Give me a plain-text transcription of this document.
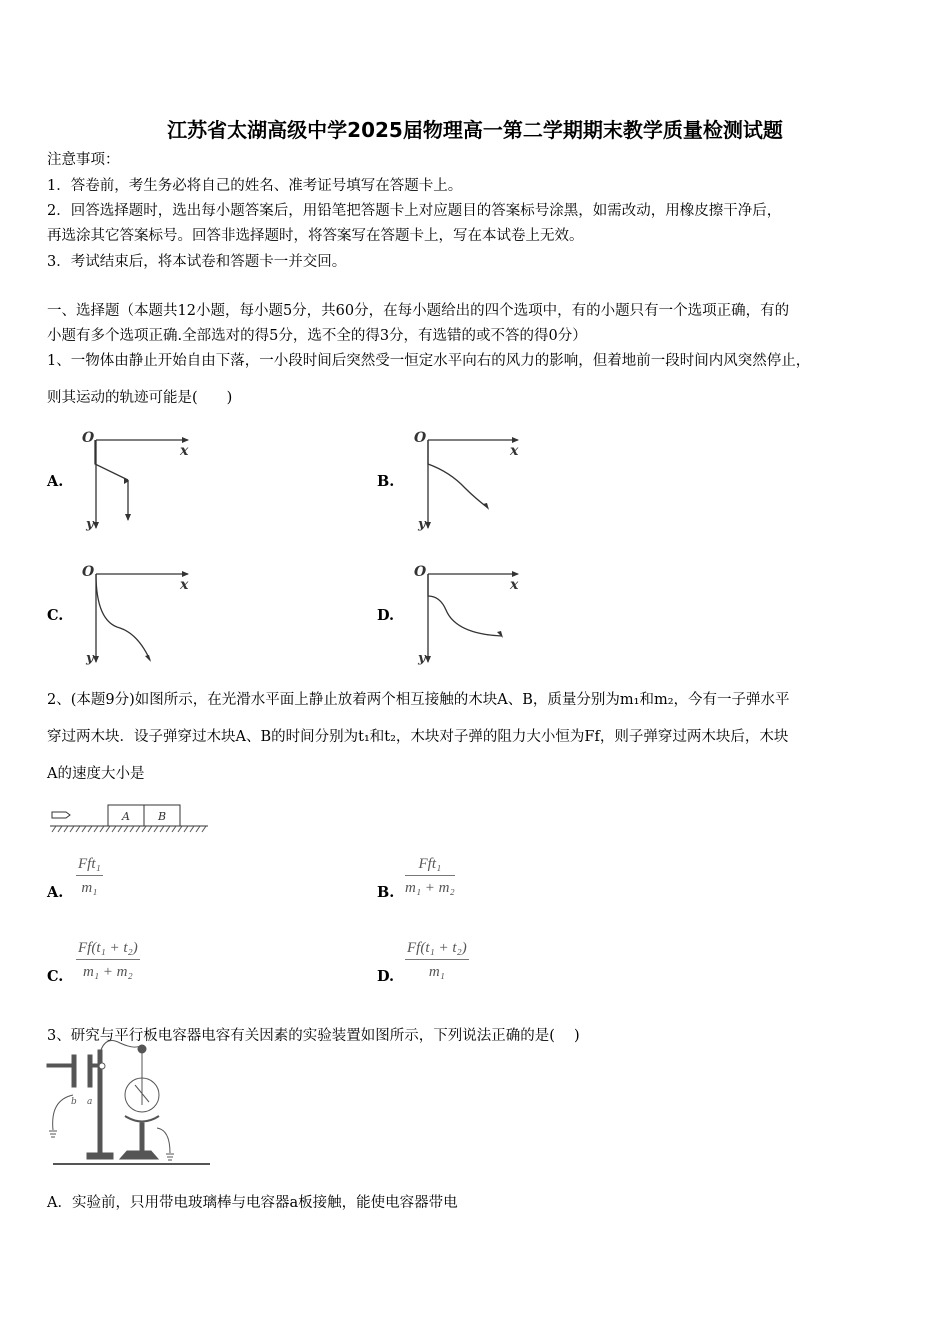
江苏省太湖高级中学2025届物理高一第二学期期末教学质量检测试题
注意事项：
1．答卷前，考生务必将自己的姓名、准考证号填写在答题卡上。
2．回答选择题时，选出每小题答案后，用铅笔把答题卡上对应题目的答案标号涂黑，如需改动，用橡皮擦干净后，
再选涂其它答案标号。回答非选择题时，将答案写在答题卡上，写在本试卷上无效。
3．考试结束后，将本试卷和答题卡一并交回。
一、选择题（本题共12小题，每小题5分，共60分，在每小题给出的四个选项中，有的小题只有一个选项正确，有的
小题有多个选项正确.全部选对的得5分，选不全的得3分，有选错的或不答的得0分）
1、一物体由静止开始自由下落，一小段时间后突然受一恒定水平向右的风力的影响，但着地前一段时间内风突然停止，
则其运动的轨迹可能是(　　)
A.	B.
C.	D.
O
x
y
O
x
y
O
x
y
O
x
y
2、(本题9分)如图所示，在光滑水平面上静止放着两个相互接触的木块A、B，质量分别为m₁和m₂，今有一子弹水平
穿过两木块．设子弹穿过木块A、B的时间分别为t₁和t₂，木块对子弹的阻力大小恒为Ff，则子弹穿过两木块后，木块
A的速度大小是
A	B
A.
Fft₁
m₁	B.
Fft₁
m₁ + m₂
C. $\frac{\text{Ff(t₁ + t₂)}}{\text{m₁ + m₂}}$	D. $\frac{\text{Ff(t₁ + t₂)}}{\text{m₁}}$
3、研究与平行板电容器电容有关因素的实验装置如图所示，下列说法正确的是(　 )
b a
A．实验前，只用带电玻璃棒与电容器a板接触，能使电容器带电
